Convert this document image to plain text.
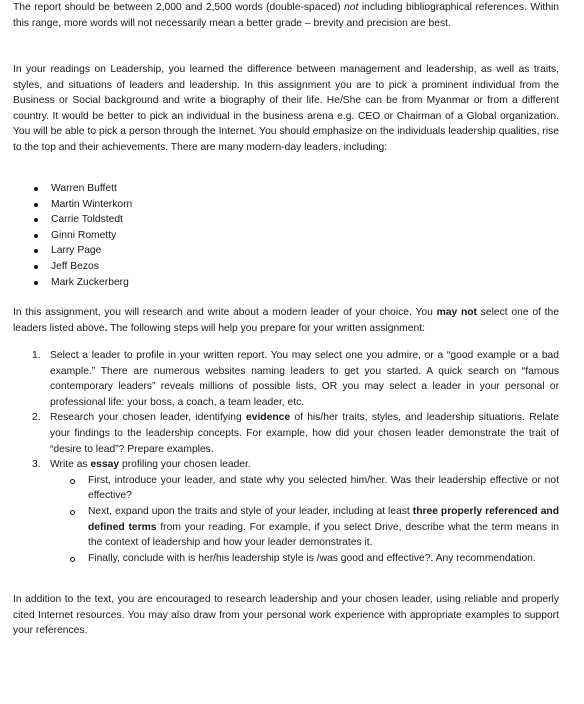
The report should be between 2,000 and 2,500 words (double-spaced) not including bibliographical references. Within this range, more words will not necessarily mean a better grade – brevity and precision are best.

In your readings on Leadership, you learned the difference between management and leadership, as well as traits, styles, and situations of leaders and leadership. In this assignment you are to pick a prominent individual from the Business or Social background and write a biography of their life. He/She can be from Myanmar or from a different country. It would be better to pick an individual in the business arena e.g. CEO or Chairman of a Global organization. You will be able to pick a person through the Internet. You should emphasize on the individuals leadership qualities, rise to the top and their achievements. There are many modern-day leaders, including:

Warren Buffett
Martin Winterkorn
Carrie Toldstedt
Ginni Rometty
Larry Page
Jeff Bezos
Mark Zuckerberg

In this assignment, you will research and write about a modern leader of your choice. You may not select one of the leaders listed above. The following steps will help you prepare for your written assignment:

1. Select a leader to profile in your written report. You may select one you admire, or a “good example or a bad example.” There are numerous websites naming leaders to get you started. A quick search on “famous contemporary leaders” reveals millions of possible lists, OR you may select a leader in your personal or professional life: your boss, a coach, a team leader, etc.
2. Research your chosen leader, identifying evidence of his/her traits, styles, and leadership situations. Relate your findings to the leadership concepts. For example, how did your chosen leader demonstrate the trait of “desire to lead”? Prepare examples.
3. Write as essay profiling your chosen leader.
First, introduce your leader, and state why you selected him/her. Was their leadership effective or not effective?
Next, expand upon the traits and style of your leader, including at least three properly referenced and defined terms from your reading. For example, if you select Drive, describe what the term means in the context of leadership and how your leader demonstrates it.
Finally, conclude with is her/his leadership style is /was good and effective?. Any recommendation.

In addition to the text, you are encouraged to research leadership and your chosen leader, using reliable and properly cited Internet resources. You may also draw from your personal work experience with appropriate examples to support your references.
